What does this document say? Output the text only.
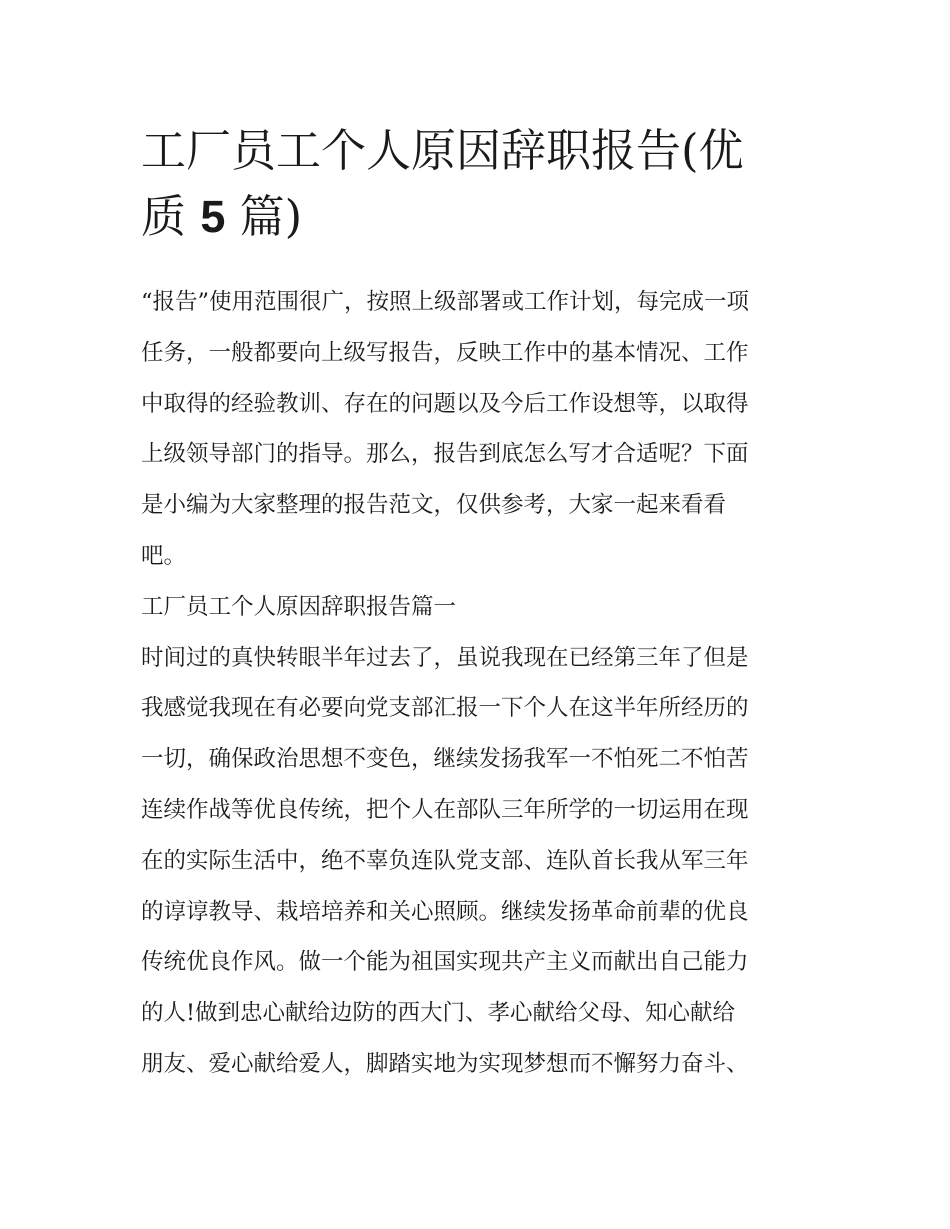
工厂员工个人原因辞职报告(优
质 5 篇)

“报告”使用范围很广，按照上级部署或工作计划，每完成一项
任务，一般都要向上级写报告，反映工作中的基本情况、工作
中取得的经验教训、存在的问题以及今后工作设想等，以取得
上级领导部门的指导。那么，报告到底怎么写才合适呢？下面
是小编为大家整理的报告范文，仅供参考，大家一起来看看
吧。

工厂员工个人原因辞职报告篇一

时间过的真快转眼半年过去了，虽说我现在已经第三年了但是
我感觉我现在有必要向党支部汇报一下个人在这半年所经历的
一切，确保政治思想不变色，继续发扬我军一不怕死二不怕苦
连续作战等优良传统，把个人在部队三年所学的一切运用在现
在的实际生活中，绝不辜负连队党支部、连队首长我从军三年
的谆谆教导、栽培培养和关心照顾。继续发扬革命前辈的优良
传统优良作风。做一个能为祖国实现共产主义而献出自己能力
的人!做到忠心献给边防的西大门、孝心献给父母、知心献给
朋友、爱心献给爱人，脚踏实地为实现梦想而不懈努力奋斗、
